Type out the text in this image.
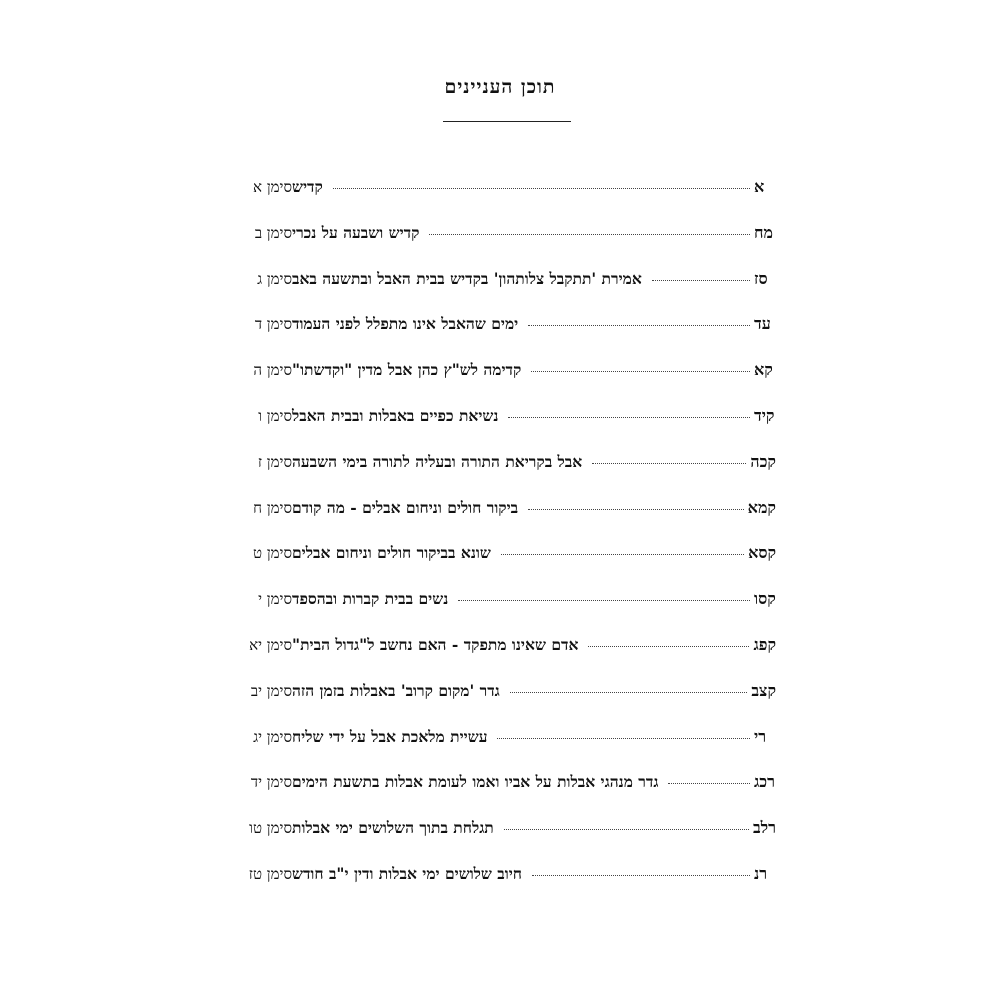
תוכן העניינים
סימן א קדיש	א
סימן ב קדיש ושבעה על נכרי	מח
סימן ג אמירת 'תתקבל צלותהון' בקדיש בבית האבל ובתשעה באב	סז
סימן ד ימים שהאבל אינו מתפלל לפני העמוד	עד
סימן ה קדימה לש"ץ כהן אבל מדין "וקדשתו"	קא
סימן ו נשיאת כפיים באבלות ובבית האבל	קיד
סימן ז אבל בקריאת התורה ובעליה לתורה בימי השבעה	קכה
סימן ח ביקור חולים וניחום אבלים - מה קודם	קמא
סימן ט שונא בביקור חולים וניחום אבלים	קסא
סימן י נשים בבית קברות ובהספד	קסו
סימן יא אדם שאינו מתפקד - האם נחשב ל"גדול הבית"	קפג
סימן יב גדר 'מקום קרוב' באבלות בזמן הזה	קצב
סימן יג עשיית מלאכת אבל על ידי שליח	רי
סימן יד גדר מנהגי אבלות על אביו ואמו לעומת אבלות בתשעת הימים	רכג
סימן טו תגלחת בתוך השלושים ימי אבלות	רלב
סימן טז חיוב שלושים ימי אבלות ודין י"ב חודש	רנ
